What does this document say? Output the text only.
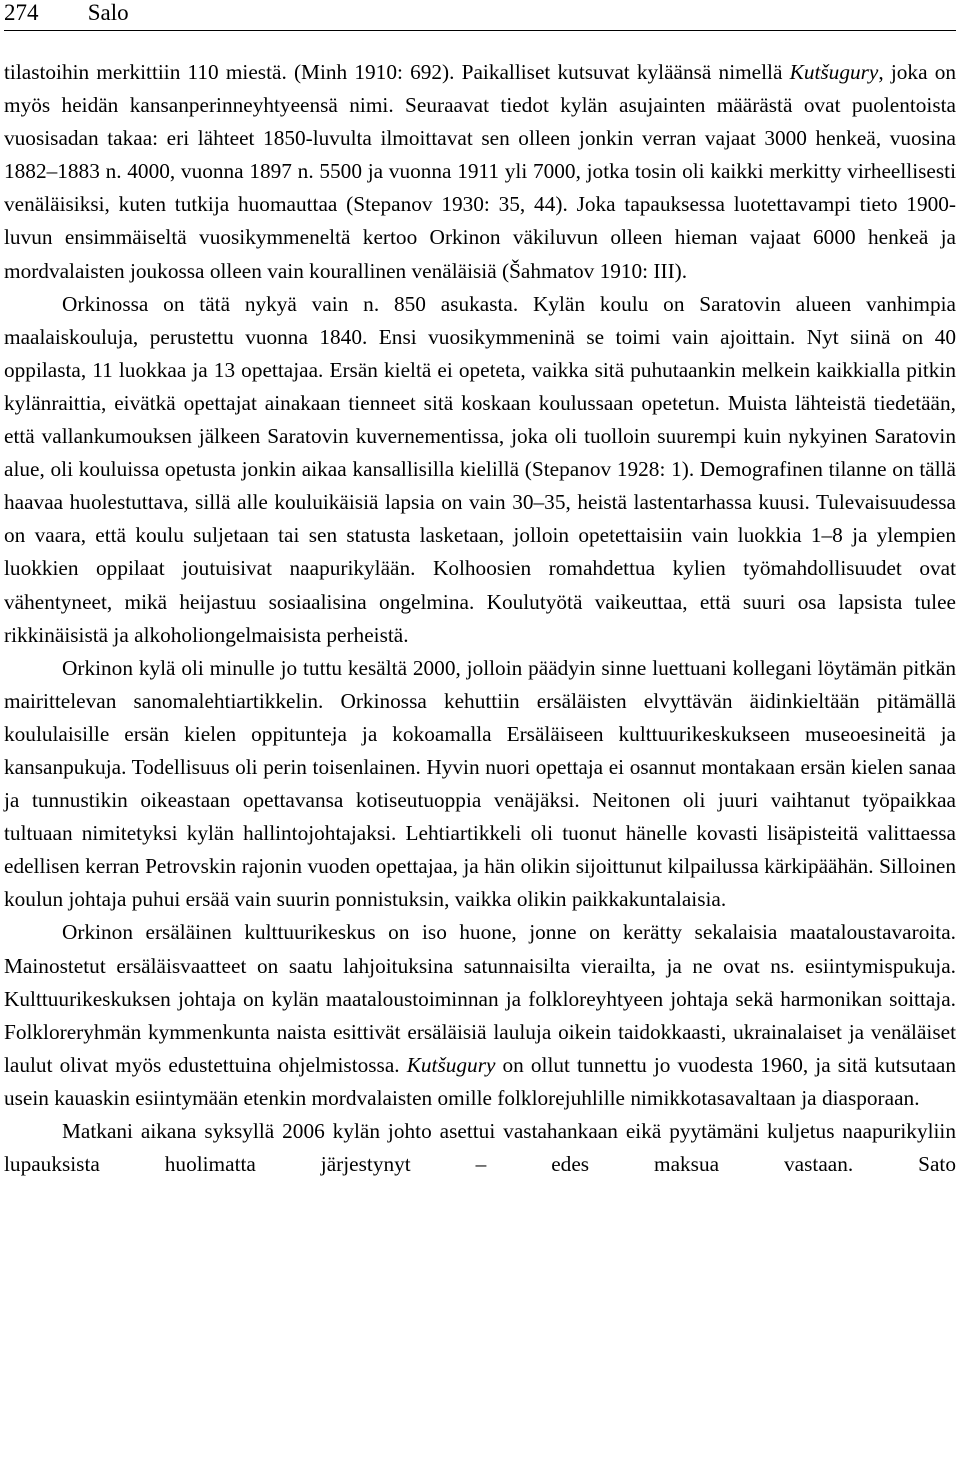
274 Salo

tilastoihin merkittiin 110 miestä. (Minh 1910: 692). Paikalliset kutsuvat kyläänsä nimellä Kutšugury, joka on myös heidän kansanperinneyhtyeensä nimi. Seuraavat tiedot kylän asujainten määrästä ovat puolentoista vuosisadan takaa: eri lähteet 1850-luvulta ilmoittavat sen olleen jonkin verran vajaat 3000 henkeä, vuosina 1882–1883 n. 4000, vuonna 1897 n. 5500 ja vuonna 1911 yli 7000, jotka tosin oli kaikki merkitty virheellisesti venäläisiksi, kuten tutkija huomauttaa (Stepanov 1930: 35, 44). Joka tapauksessa luotettavampi tieto 1900-luvun ensimmäiseltä vuosikymmeneltä kertoo Orkinon väkiluvun olleen hieman vajaat 6000 henkeä ja mordvalaisten joukossa olleen vain kourallinen venäläisiä (Šahmatov 1910: III).

Orkinossa on tätä nykyä vain n. 850 asukasta. Kylän koulu on Saratovin alueen vanhimpia maalaiskouluja, perustettu vuonna 1840. Ensi vuosikymmeninä se toimi vain ajoittain. Nyt siinä on 40 oppilasta, 11 luokkaa ja 13 opettajaa. Ersän kieltä ei opeteta, vaikka sitä puhutaankin melkein kaikkialla pitkin kylänraittia, eivätkä opettajat ainakaan tienneet sitä koskaan koulussaan opetetun. Muista lähteistä tiedetään, että vallankumouksen jälkeen Saratovin kuvernementissa, joka oli tuolloin suurempi kuin nykyinen Saratovin alue, oli kouluissa opetusta jonkin aikaa kansallisilla kielillä (Stepanov 1928: 1). Demografinen tilanne on tällä haavaa huolestuttava, sillä alle kouluikäisiä lapsia on vain 30–35, heistä lastentarhassa kuusi. Tulevaisuudessa on vaara, että koulu suljetaan tai sen statusta lasketaan, jolloin opetettaisiin vain luokkia 1–8 ja ylempien luokkien oppilaat joutuisivat naapurikylään. Kolhoosien romahdettua kylien työmahdollisuudet ovat vähentyneet, mikä heijastuu sosiaalisina ongelmina. Koulutyötä vaikeuttaa, että suuri osa lapsista tulee rikkinäisistä ja alkoholiongelmaisista perheistä.

Orkinon kylä oli minulle jo tuttu kesältä 2000, jolloin päädyin sinne luettuani kollegani löytämän pitkän mairittelevan sanomalehtiartikkelin. Orkinossa kehuttiin ersäläisten elvyttävän äidinkieltään pitämällä koululaisille ersän kielen oppitunteja ja kokoamalla Ersäläiseen kulttuurikeskukseen museoesineitä ja kansanpukuja. Todellisuus oli perin toisenlainen. Hyvin nuori opettaja ei osannut montakaan ersän kielen sanaa ja tunnustikin oikeastaan opettavansa kotiseutuoppia venäjäksi. Neitonen oli juuri vaihtanut työpaikkaa tultuaan nimitetyksi kylän hallintojohtajaksi. Lehtiartikkeli oli tuonut hänelle kovasti lisäpisteitä valittaessa edellisen kerran Petrovskin rajonin vuoden opettajaa, ja hän olikin sijoittunut kilpailussa kärkipäähän. Silloinen koulun johtaja puhui ersää vain suurin ponnistuksin, vaikka olikin paikkakuntalaisia.

Orkinon ersäläinen kulttuurikeskus on iso huone, jonne on kerätty sekalaisia maataloustavaroita. Mainostetut ersäläisvaatteet on saatu lahjoituksina satunnaisilta vierailta, ja ne ovat ns. esiintymispukuja. Kulttuurikeskuksen johtaja on kylän maataloustoiminnan ja folkloreyhtyeen johtaja sekä harmonikan soittaja. Folkloreryhmän kymmenkunta naista esittivät ersäläisiä lauluja oikein taidokkaasti, ukrainalaiset ja venäläiset laulut olivat myös edustettuina ohjelmistossa. Kutšugury on ollut tunnettu jo vuodesta 1960, ja sitä kutsutaan usein kauaskin esiintymään etenkin mordvalaisten omille folklorejuhlille nimikkotasavaltaan ja diasporaan.

Matkani aikana syksyllä 2006 kylän johto asettui vastahankaan eikä pyytämäni kuljetus naapurikyliin lupauksista huolimatta järjestynyt – edes maksua vastaan. Sato
